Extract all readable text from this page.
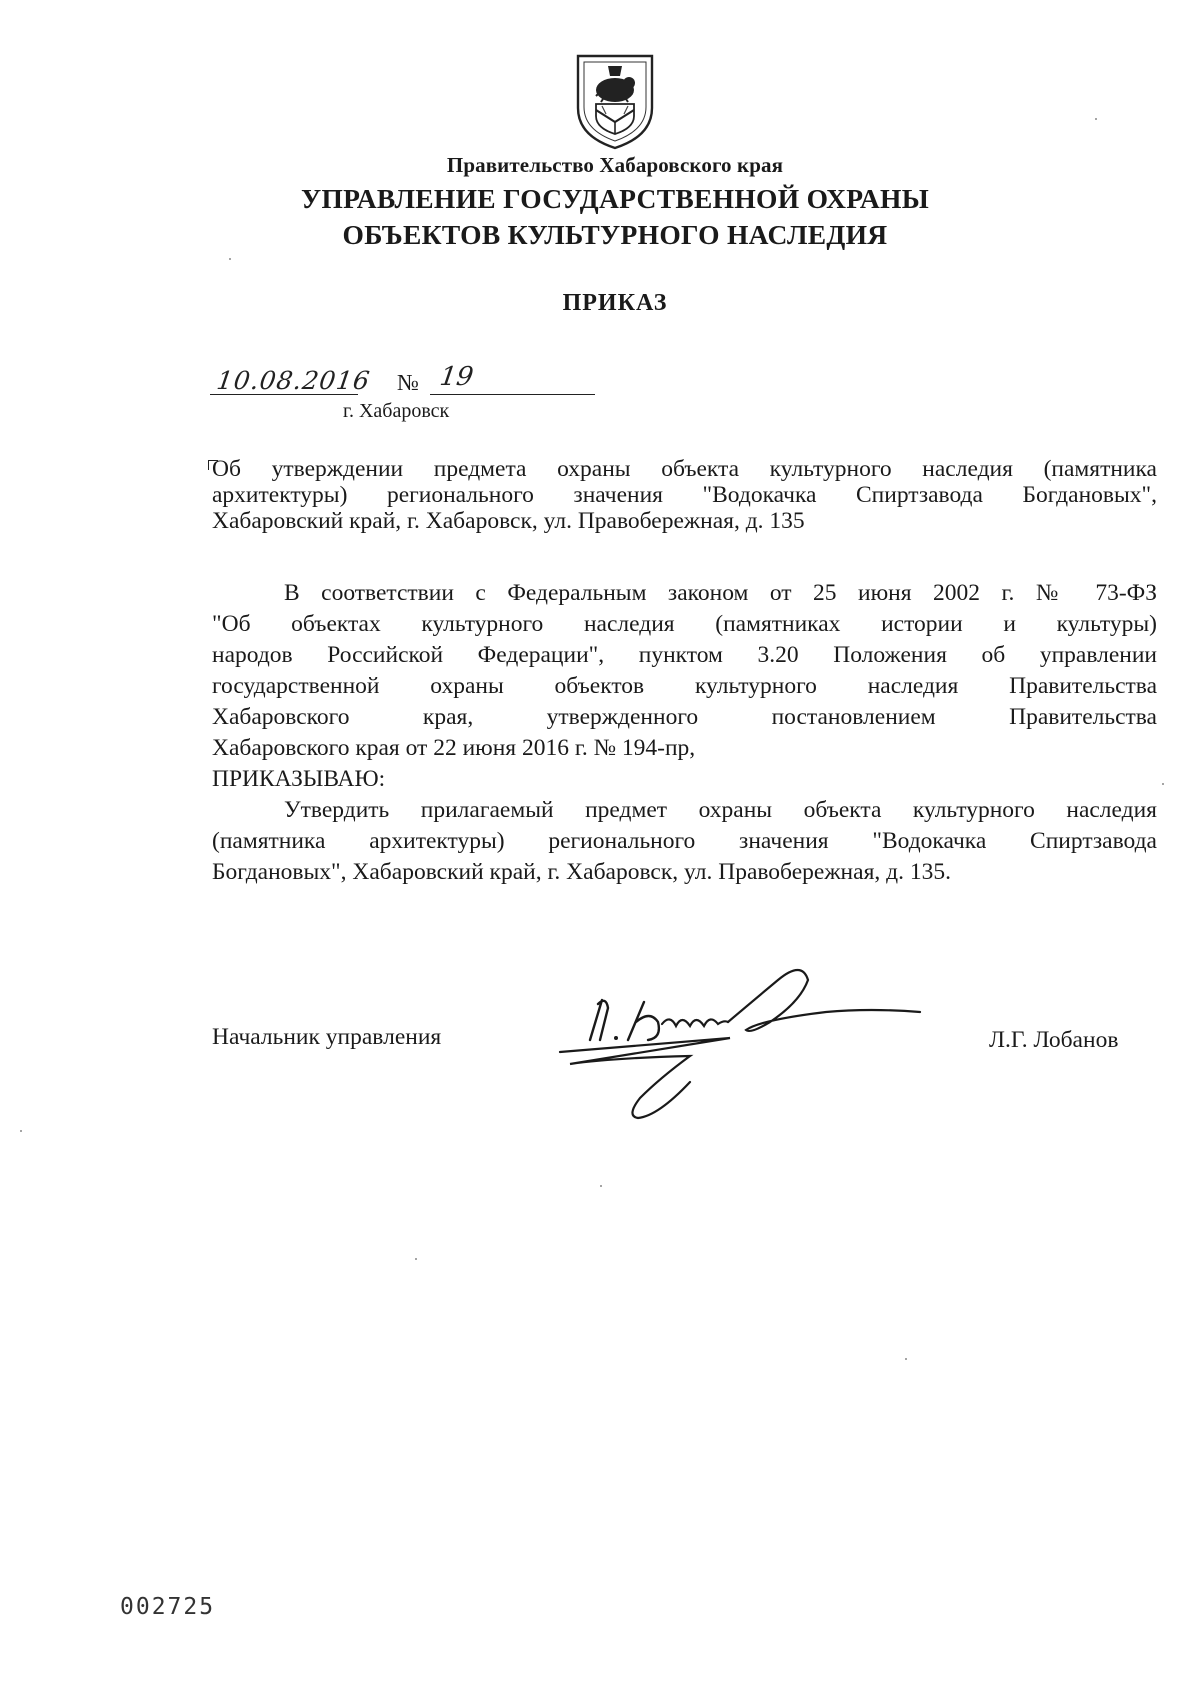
Правительство Хабаровского края
УПРАВЛЕНИЕ ГОСУДАРСТВЕННОЙ ОХРАНЫ
ОБЪЕКТОВ КУЛЬТУРНОГО НАСЛЕДИЯ
ПРИКАЗ
10.08.2016 № 19
г. Хабаровск
Об утверждении предмета охраны объекта культурного наследия (памятника
архитектуры) регионального значения "Водокачка Спиртзавода Богдановых",
Хабаровский край, г. Хабаровск, ул. Правобережная, д. 135
В соответствии с Федеральным законом от 25 июня 2002 г. № 73-ФЗ
"Об объектах культурного наследия (памятниках истории и культуры)
народов Российской Федерации", пунктом 3.20 Положения об управлении
государственной охраны объектов культурного наследия Правительства
Хабаровского края, утвержденного постановлением Правительства
Хабаровского края от 22 июня 2016 г. № 194-пр,
ПРИКАЗЫВАЮ:
Утвердить прилагаемый предмет охраны объекта культурного наследия
(памятника архитектуры) регионального значения "Водокачка Спиртзавода
Богдановых", Хабаровский край, г. Хабаровск, ул. Правобережная, д. 135.
Начальник управления	Л.Г. Лобанов
002725
